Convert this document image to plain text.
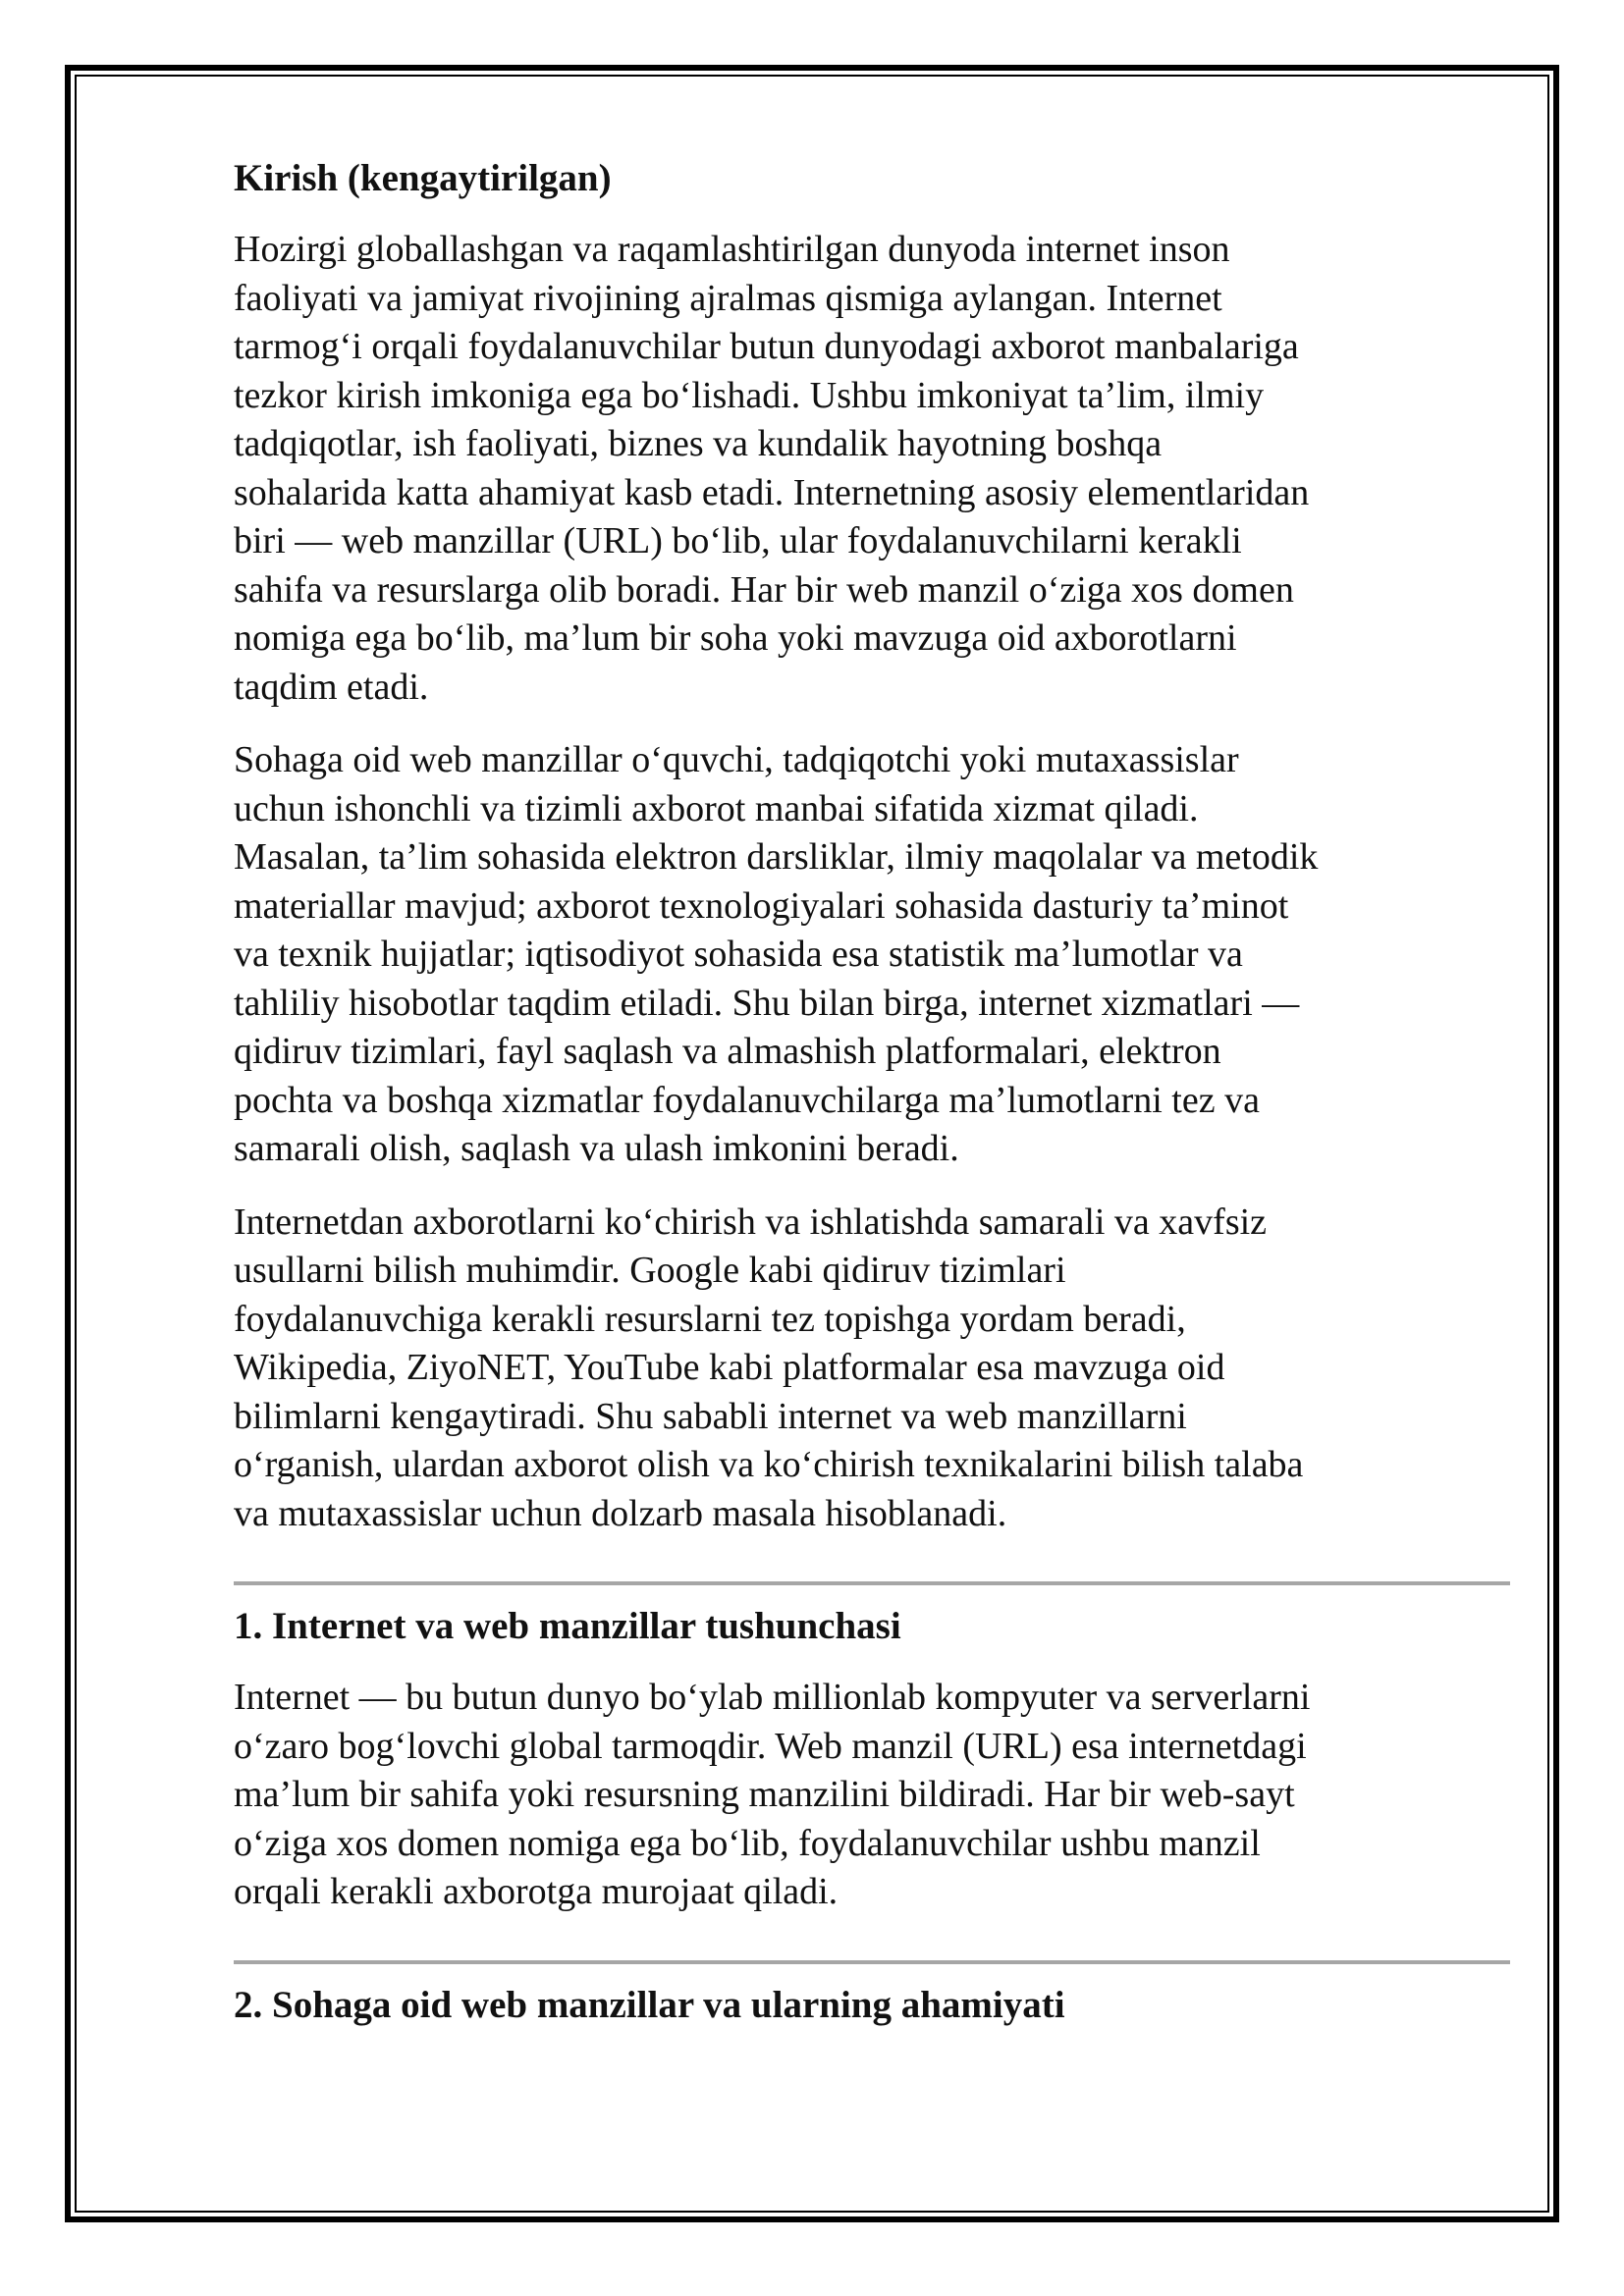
Kirish (kengaytirilgan)

Hozirgi globallashgan va raqamlashtirilgan dunyoda internet inson
faoliyati va jamiyat rivojining ajralmas qismiga aylangan. Internet
tarmog‘i orqali foydalanuvchilar butun dunyodagi axborot manbalariga
tezkor kirish imkoniga ega bo‘lishadi. Ushbu imkoniyat ta’lim, ilmiy
tadqiqotlar, ish faoliyati, biznes va kundalik hayotning boshqa
sohalarida katta ahamiyat kasb etadi. Internetning asosiy elementlaridan
biri — web manzillar (URL) bo‘lib, ular foydalanuvchilarni kerakli
sahifa va resurslarga olib boradi. Har bir web manzil o‘ziga xos domen
nomiga ega bo‘lib, ma’lum bir soha yoki mavzuga oid axborotlarni
taqdim etadi.

Sohaga oid web manzillar o‘quvchi, tadqiqotchi yoki mutaxassislar
uchun ishonchli va tizimli axborot manbai sifatida xizmat qiladi.
Masalan, ta’lim sohasida elektron darsliklar, ilmiy maqolalar va metodik
materiallar mavjud; axborot texnologiyalari sohasida dasturiy ta’minot
va texnik hujjatlar; iqtisodiyot sohasida esa statistik ma’lumotlar va
tahliliy hisobotlar taqdim etiladi. Shu bilan birga, internet xizmatlari —
qidiruv tizimlari, fayl saqlash va almashish platformalari, elektron
pochta va boshqa xizmatlar foydalanuvchilarga ma’lumotlarni tez va
samarali olish, saqlash va ulash imkonini beradi.

Internetdan axborotlarni ko‘chirish va ishlatishda samarali va xavfsiz
usullarni bilish muhimdir. Google kabi qidiruv tizimlari
foydalanuvchiga kerakli resurslarni tez topishga yordam beradi,
Wikipedia, ZiyoNET, YouTube kabi platformalar esa mavzuga oid
bilimlarni kengaytiradi. Shu sababli internet va web manzillarni
o‘rganish, ulardan axborot olish va ko‘chirish texnikalarini bilish talaba
va mutaxassislar uchun dolzarb masala hisoblanadi.

1. Internet va web manzillar tushunchasi

Internet — bu butun dunyo bo‘ylab millionlab kompyuter va serverlarni
o‘zaro bog‘lovchi global tarmoqdir. Web manzil (URL) esa internetdagi
ma’lum bir sahifa yoki resursning manzilini bildiradi. Har bir web-sayt
o‘ziga xos domen nomiga ega bo‘lib, foydalanuvchilar ushbu manzil
orqali kerakli axborotga murojaat qiladi.

2. Sohaga oid web manzillar va ularning ahamiyati
